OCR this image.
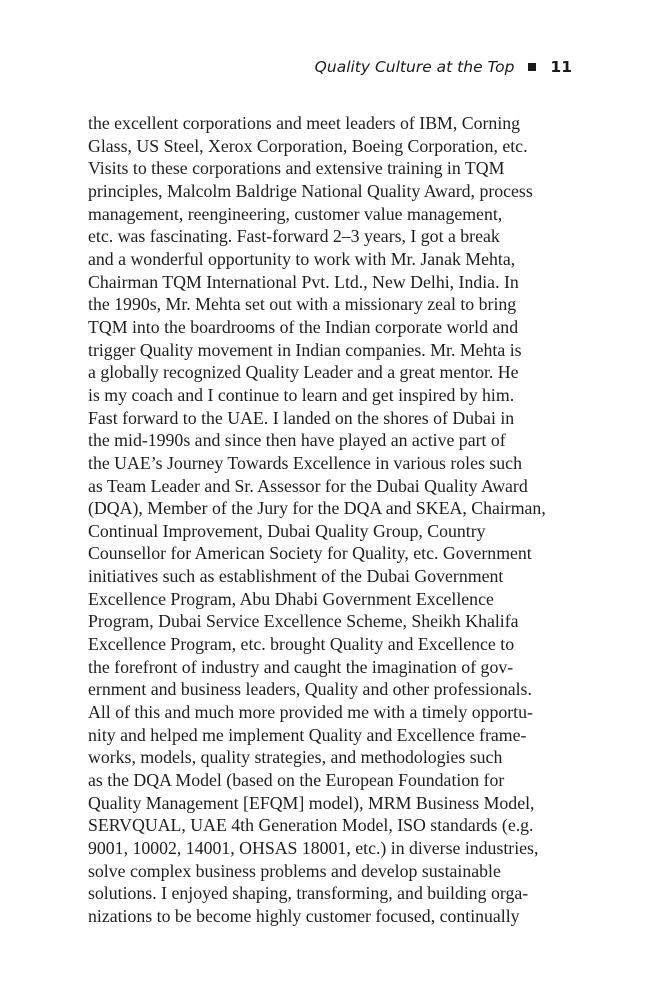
Quality Culture at the Top 11

the excellent corporations and meet leaders of IBM, Corning
Glass, US Steel, Xerox Corporation, Boeing Corporation, etc.
Visits to these corporations and extensive training in TQM
principles, Malcolm Baldrige National Quality Award, process
management, reengineering, customer value management,
etc. was fascinating. Fast-forward 2–3 years, I got a break
and a wonderful opportunity to work with Mr. Janak Mehta,
Chairman TQM International Pvt. Ltd., New Delhi, India. In
the 1990s, Mr. Mehta set out with a missionary zeal to bring
TQM into the boardrooms of the Indian corporate world and
trigger Quality movement in Indian companies. Mr. Mehta is
a globally recognized Quality Leader and a great mentor. He
is my coach and I continue to learn and get inspired by him.
Fast forward to the UAE. I landed on the shores of Dubai in
the mid-1990s and since then have played an active part of
the UAE’s Journey Towards Excellence in various roles such
as Team Leader and Sr. Assessor for the Dubai Quality Award
(DQA), Member of the Jury for the DQA and SKEA, Chairman,
Continual Improvement, Dubai Quality Group, Country
Counsellor for American Society for Quality, etc. Government
initiatives such as establishment of the Dubai Government
Excellence Program, Abu Dhabi Government Excellence
Program, Dubai Service Excellence Scheme, Sheikh Khalifa
Excellence Program, etc. brought Quality and Excellence to
the forefront of industry and caught the imagination of gov-
ernment and business leaders, Quality and other professionals.
All of this and much more provided me with a timely opportu-
nity and helped me implement Quality and Excellence frame-
works, models, quality strategies, and methodologies such
as the DQA Model (based on the European Foundation for
Quality Management [EFQM] model), MRM Business Model,
SERVQUAL, UAE 4th Generation Model, ISO standards (e.g.
9001, 10002, 14001, OHSAS 18001, etc.) in diverse industries,
solve complex business problems and develop sustainable
solutions. I enjoyed shaping, transforming, and building orga-
nizations to be become highly customer focused, continually
